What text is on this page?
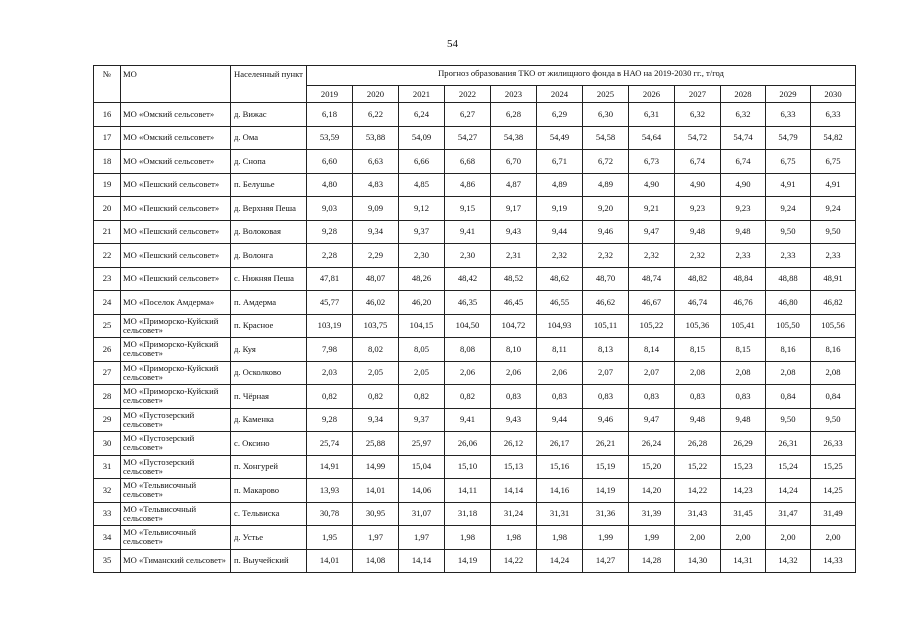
54
№	МО	Населенный пункт	Прогноз образования ТКО от жилищного фонда в НАО на 2019-2030 гг., т/год											
			2019	2020	2021	2022	2023	2024	2025	2026	2027	2028	2029	2030
16	МО «Омский сельсовет»	д. Вижас	6,18	6,22	6,24	6,27	6,28	6,29	6,30	6,31	6,32	6,32	6,33	6,33
17	МО «Омский сельсовет»	д. Ома	53,59	53,88	54,09	54,27	54,38	54,49	54,58	54,64	54,72	54,74	54,79	54,82
18	МО «Омский сельсовет»	д. Снопа	6,60	6,63	6,66	6,68	6,70	6,71	6,72	6,73	6,74	6,74	6,75	6,75
19	МО «Пешский сельсовет»	п. Белушье	4,80	4,83	4,85	4,86	4,87	4,89	4,89	4,90	4,90	4,90	4,91	4,91
20	МО «Пешский сельсовет»	д. Верхняя Пеша	9,03	9,09	9,12	9,15	9,17	9,19	9,20	9,21	9,23	9,23	9,24	9,24
21	МО «Пешский сельсовет»	д. Волоковая	9,28	9,34	9,37	9,41	9,43	9,44	9,46	9,47	9,48	9,48	9,50	9,50
22	МО «Пешский сельсовет»	д. Волонга	2,28	2,29	2,30	2,30	2,31	2,32	2,32	2,32	2,32	2,33	2,33	2,33
23	МО «Пешский сельсовет»	с. Нижняя Пеша	47,81	48,07	48,26	48,42	48,52	48,62	48,70	48,74	48,82	48,84	48,88	48,91
24	МО «Поселок Амдерма»	п. Амдерма	45,77	46,02	46,20	46,35	46,45	46,55	46,62	46,67	46,74	46,76	46,80	46,82
25	МО «Приморско-Куйский сельсовет»	п. Красное	103,19	103,75	104,15	104,50	104,72	104,93	105,11	105,22	105,36	105,41	105,50	105,56
26	МО «Приморско-Куйский сельсовет»	д. Куя	7,98	8,02	8,05	8,08	8,10	8,11	8,13	8,14	8,15	8,15	8,16	8,16
27	МО «Приморско-Куйский сельсовет»	д. Осколково	2,03	2,05	2,05	2,06	2,06	2,06	2,07	2,07	2,08	2,08	2,08	2,08
28	МО «Приморско-Куйский сельсовет»	п. Чёрная	0,82	0,82	0,82	0,82	0,83	0,83	0,83	0,83	0,83	0,83	0,84	0,84
29	МО «Пустозерский сельсовет»	д. Каменка	9,28	9,34	9,37	9,41	9,43	9,44	9,46	9,47	9,48	9,48	9,50	9,50
30	МО «Пустозерский сельсовет»	с. Оксино	25,74	25,88	25,97	26,06	26,12	26,17	26,21	26,24	26,28	26,29	26,31	26,33
31	МО «Пустозерский сельсовет»	п. Хонгурей	14,91	14,99	15,04	15,10	15,13	15,16	15,19	15,20	15,22	15,23	15,24	15,25
32	МО «Тельвисочный сельсовет»	п. Макарово	13,93	14,01	14,06	14,11	14,14	14,16	14,19	14,20	14,22	14,23	14,24	14,25
33	МО «Тельвисочный сельсовет»	с. Тельвиска	30,78	30,95	31,07	31,18	31,24	31,31	31,36	31,39	31,43	31,45	31,47	31,49
34	МО «Тельвисочный сельсовет»	д. Устье	1,95	1,97	1,97	1,98	1,98	1,98	1,99	1,99	2,00	2,00	2,00	2,00
35	МО «Тиманский сельсовет»	п. Выучейский	14,01	14,08	14,14	14,19	14,22	14,24	14,27	14,28	14,30	14,31	14,32	14,33
